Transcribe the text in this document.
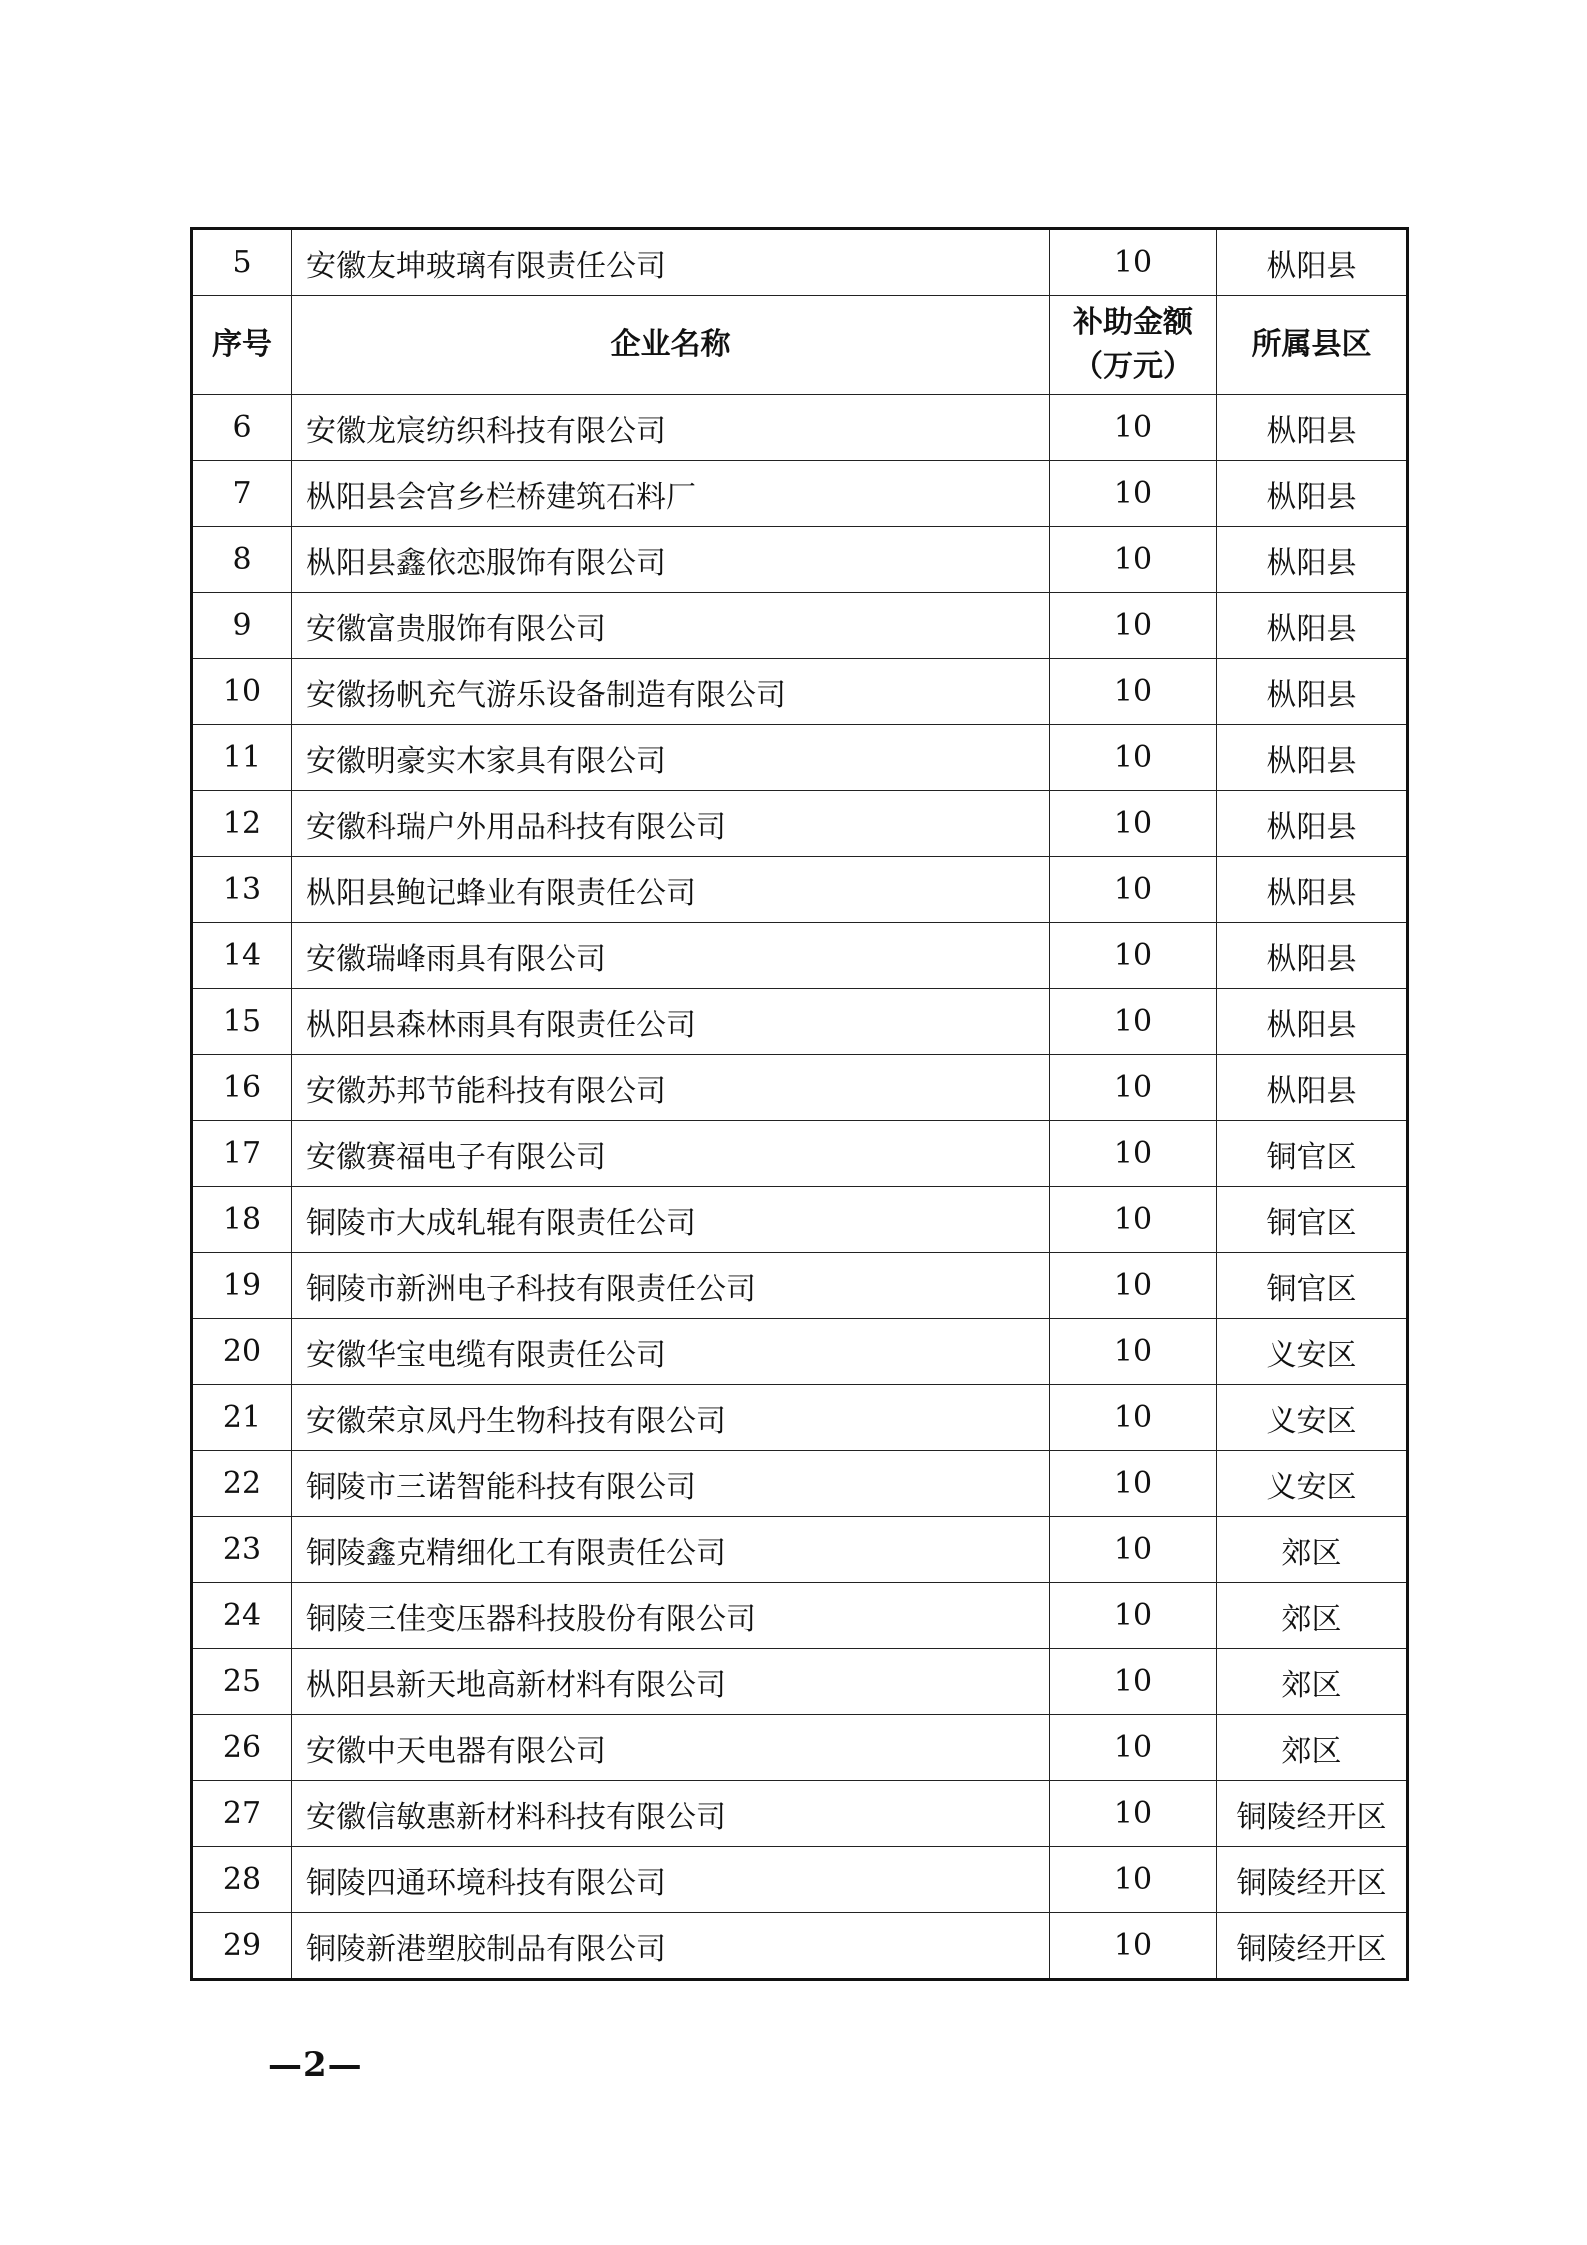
5	安徽友坤玻璃有限责任公司	10	枞阳县
序号	企业名称	补助金额（万元）	所属县区
6	安徽龙宸纺织科技有限公司	10	枞阳县
7	枞阳县会宫乡栏桥建筑石料厂	10	枞阳县
8	枞阳县鑫依恋服饰有限公司	10	枞阳县
9	安徽富贵服饰有限公司	10	枞阳县
10	安徽扬帆充气游乐设备制造有限公司	10	枞阳县
11	安徽明豪实木家具有限公司	10	枞阳县
12	安徽科瑞户外用品科技有限公司	10	枞阳县
13	枞阳县鲍记蜂业有限责任公司	10	枞阳县
14	安徽瑞峰雨具有限公司	10	枞阳县
15	枞阳县森林雨具有限责任公司	10	枞阳县
16	安徽苏邦节能科技有限公司	10	枞阳县
17	安徽赛福电子有限公司	10	铜官区
18	铜陵市大成轧辊有限责任公司	10	铜官区
19	铜陵市新洲电子科技有限责任公司	10	铜官区
20	安徽华宝电缆有限责任公司	10	义安区
21	安徽荣京凤丹生物科技有限公司	10	义安区
22	铜陵市三诺智能科技有限公司	10	义安区
23	铜陵鑫克精细化工有限责任公司	10	郊区
24	铜陵三佳变压器科技股份有限公司	10	郊区
25	枞阳县新天地高新材料有限公司	10	郊区
26	安徽中天电器有限公司	10	郊区
27	安徽信敏惠新材料科技有限公司	10	铜陵经开区
28	铜陵四通环境科技有限公司	10	铜陵经开区
29	铜陵新港塑胶制品有限公司	10	铜陵经开区
—2—
